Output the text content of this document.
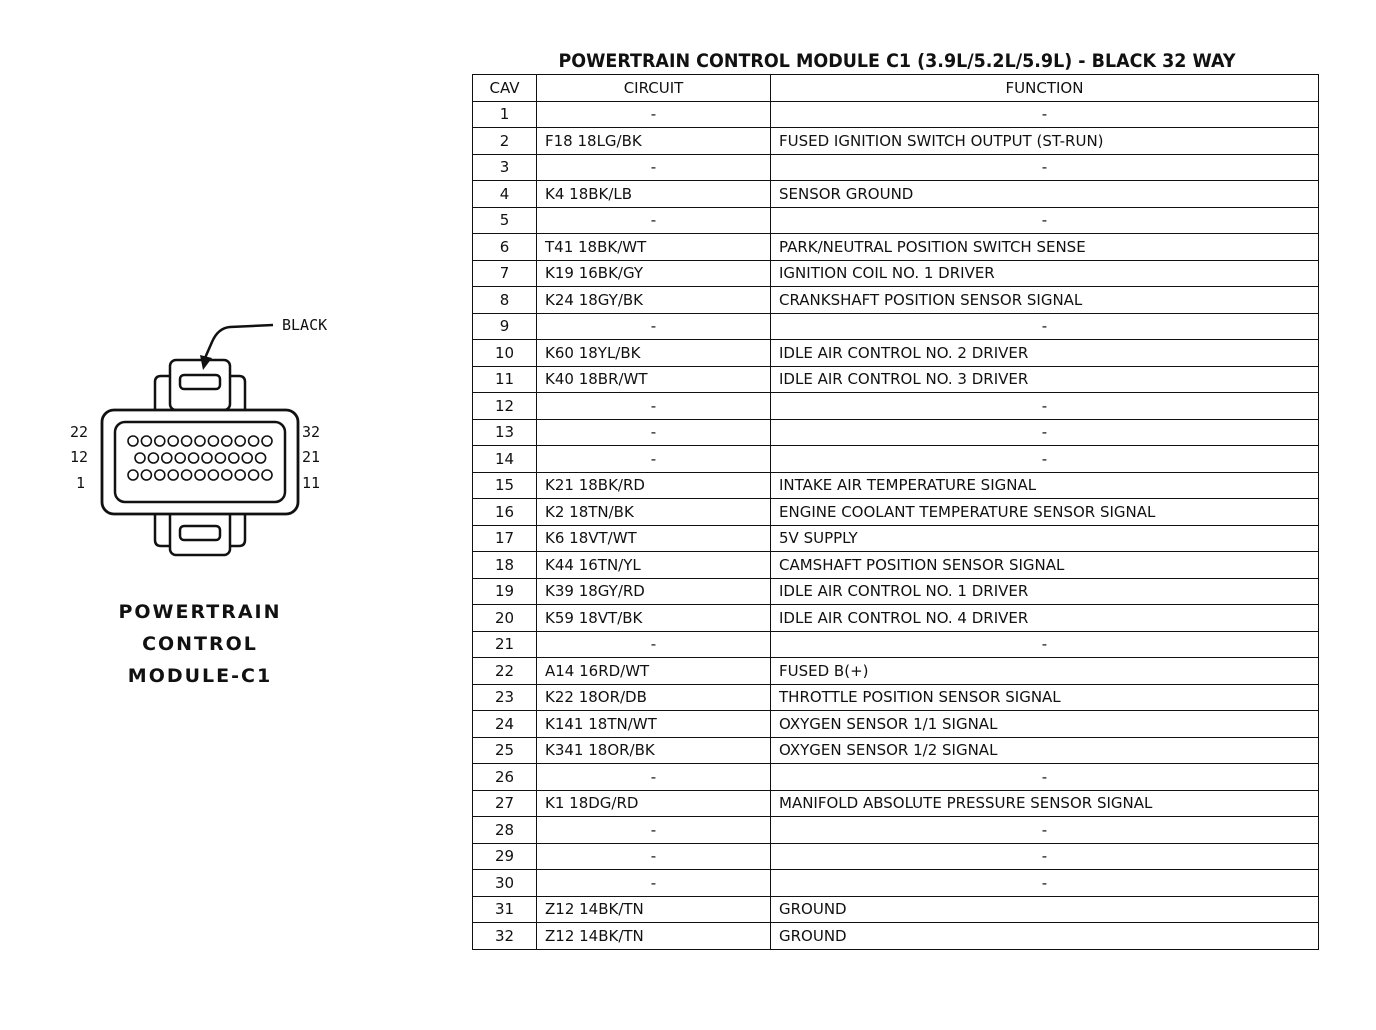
BLACK
22
12
1
32
21
11
POWERTRAIN
CONTROL
MODULE-C1
POWERTRAIN CONTROL MODULE C1 (3.9L/5.2L/5.9L) - BLACK 32 WAY
CAV	CIRCUIT	FUNCTION
1	-	-
2	F18 18LG/BK	FUSED IGNITION SWITCH OUTPUT (ST-RUN)
3	-	-
4	K4 18BK/LB	SENSOR GROUND
5	-	-
6	T41 18BK/WT	PARK/NEUTRAL POSITION SWITCH SENSE
7	K19 16BK/GY	IGNITION COIL NO. 1 DRIVER
8	K24 18GY/BK	CRANKSHAFT POSITION SENSOR SIGNAL
9	-	-
10	K60 18YL/BK	IDLE AIR CONTROL NO. 2 DRIVER
11	K40 18BR/WT	IDLE AIR CONTROL NO. 3 DRIVER
12	-	-
13	-	-
14	-	-
15	K21 18BK/RD	INTAKE AIR TEMPERATURE SIGNAL
16	K2 18TN/BK	ENGINE COOLANT TEMPERATURE SENSOR SIGNAL
17	K6 18VT/WT	5V SUPPLY
18	K44 16TN/YL	CAMSHAFT POSITION SENSOR SIGNAL
19	K39 18GY/RD	IDLE AIR CONTROL NO. 1 DRIVER
20	K59 18VT/BK	IDLE AIR CONTROL NO. 4 DRIVER
21	-	-
22	A14 16RD/WT	FUSED B(+)
23	K22 18OR/DB	THROTTLE POSITION SENSOR SIGNAL
24	K141 18TN/WT	OXYGEN SENSOR 1/1 SIGNAL
25	K341 18OR/BK	OXYGEN SENSOR 1/2 SIGNAL
26	-	-
27	K1 18DG/RD	MANIFOLD ABSOLUTE PRESSURE SENSOR SIGNAL
28	-	-
29	-	-
30	-	-
31	Z12 14BK/TN	GROUND
32	Z12 14BK/TN	GROUND
